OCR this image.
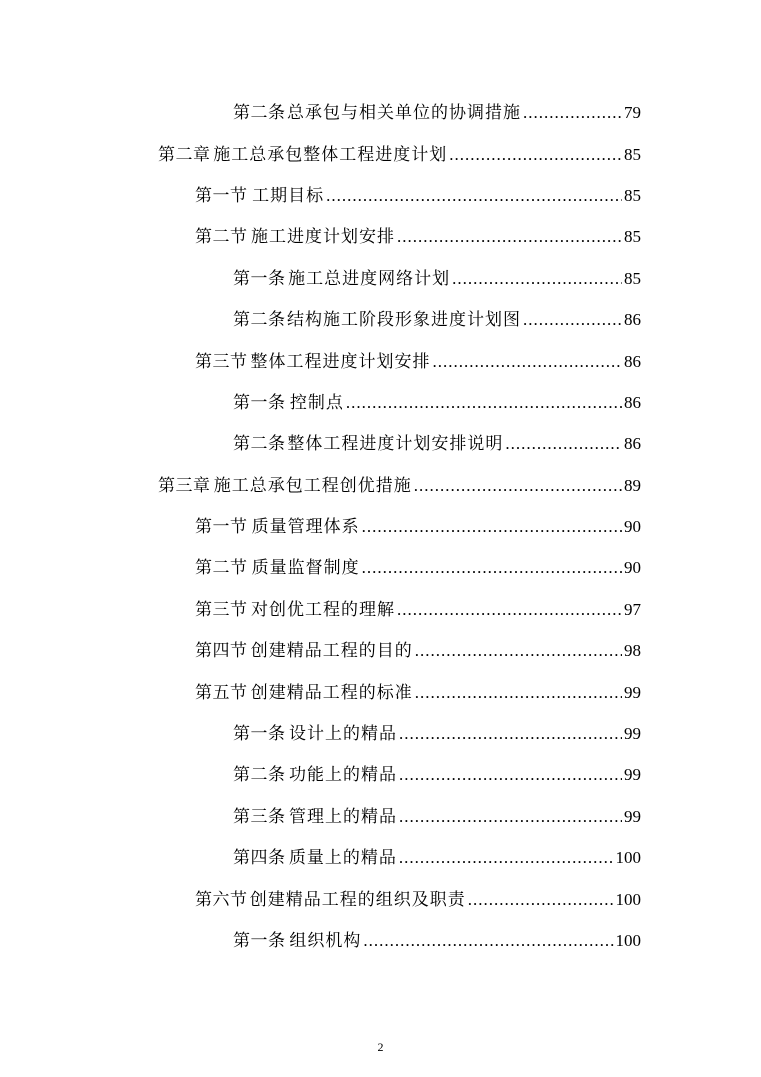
第二条 总承包与相关单位的协调措施 .....	79
第二章 施工总承包整体工程进度计划 .....	85
第一节 工期目标 .....	85
第二节 施工进度计划安排 .....	85
第一条 施工总进度网络计划 .....	85
第二条 结构施工阶段形象进度计划图 .....	86
第三节 整体工程进度计划安排 .....	86
第一条 控制点 .....	86
第二条 整体工程进度计划安排说明 .....	86
第三章 施工总承包工程创优措施 .....	89
第一节 质量管理体系 .....	90
第二节 质量监督制度 .....	90
第三节 对创优工程的理解 .....	97
第四节 创建精品工程的目的 .....	98
第五节 创建精品工程的标准 .....	99
第一条 设计上的精品 .....	99
第二条 功能上的精品 .....	99
第三条 管理上的精品 .....	99
第四条 质量上的精品 .....	100
第六节 创建精品工程的组织及职责 .....	100
第一条 组织机构 .....	100
2
